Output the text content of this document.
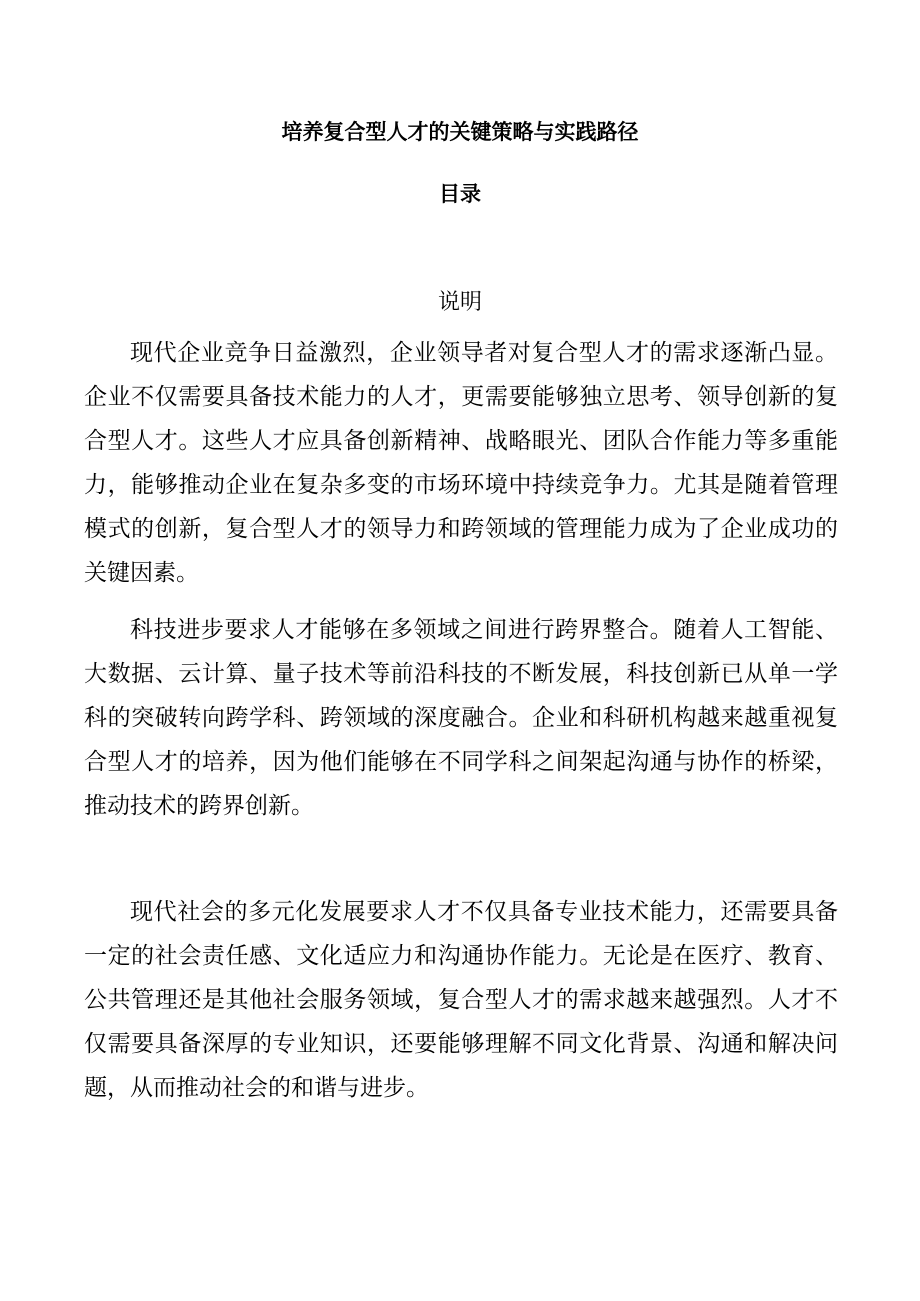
培养复合型人才的关键策略与实践路径
目录
说明

现代企业竞争日益激烈，企业领导者对复合型人才的需求逐渐凸显。企业不仅需要具备技术能力的人才，更需要能够独立思考、领导创新的复合型人才。这些人才应具备创新精神、战略眼光、团队合作能力等多重能力，能够推动企业在复杂多变的市场环境中持续竞争力。尤其是随着管理模式的创新，复合型人才的领导力和跨领域的管理能力成为了企业成功的关键因素。

科技进步要求人才能够在多领域之间进行跨界整合。随着人工智能、大数据、云计算、量子技术等前沿科技的不断发展，科技创新已从单一学科的突破转向跨学科、跨领域的深度融合。企业和科研机构越来越重视复合型人才的培养，因为他们能够在不同学科之间架起沟通与协作的桥梁，推动技术的跨界创新。

现代社会的多元化发展要求人才不仅具备专业技术能力，还需要具备一定的社会责任感、文化适应力和沟通协作能力。无论是在医疗、教育、公共管理还是其他社会服务领域，复合型人才的需求越来越强烈。人才不仅需要具备深厚的专业知识，还要能够理解不同文化背景、沟通和解决问题，从而推动社会的和谐与进步。
